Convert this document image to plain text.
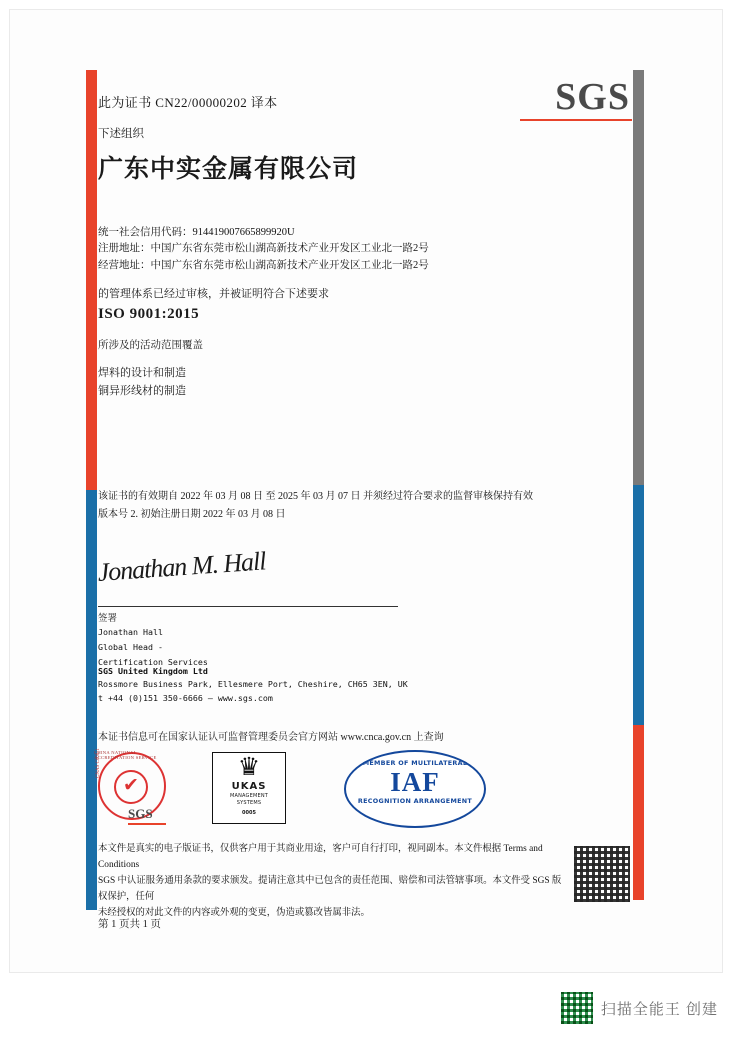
SGS
此为证书 CN22/00000202 译本
下述组织
广东中实金属有限公司
统一社会信用代码：914419007665899920U
注册地址：中国广东省东莞市松山湖高新技术产业开发区工业北一路2号
经营地址：中国广东省东莞市松山湖高新技术产业开发区工业北一路2号
的管理体系已经过审核，并被证明符合下述要求
ISO 9001:2015
所涉及的活动范围覆盖
焊料的设计和制造
铜异形线材的制造
该证书的有效期自 2022 年 03 月 08 日 至 2025 年 03 月 07 日 并须经过符合要求的监督审核保持有效
版本号 2. 初始注册日期 2022 年 03 月 08 日
Jonathan M. Hall
签署
Jonathan Hall
Global Head -
Certification Services
SGS United Kingdom Ltd
Rossmore Business Park, Ellesmere Port, Cheshire, CH65 3EN, UK
t +44 (0)151 350-6666 – www.sgs.com
本证书信息可在国家认证认可监督管理委员会官方网站 www.cnca.gov.cn 上查询
CHINA NATIONAL ACCREDITATION SERVICE
CNAS C000-1
✔
SGS
♛
UKAS
MANAGEMENT
SYSTEMS
0005
MEMBER OF MULTILATERAL
IAF
RECOGNITION ARRANGEMENT
本文件是真实的电子版证书，仅供客户用于其商业用途，客户可自行打印，视同副本。本文件根据 Terms and Conditions
SGS 中认证服务通用条款的要求颁发。提请注意其中已包含的责任范围、赔偿和司法管辖事项。本文件受 SGS 版权保护，任何
未经授权的对此文件的内容或外观的变更，伪造或篡改皆属非法。
第 1 页共 1 页
扫描全能王 创建
